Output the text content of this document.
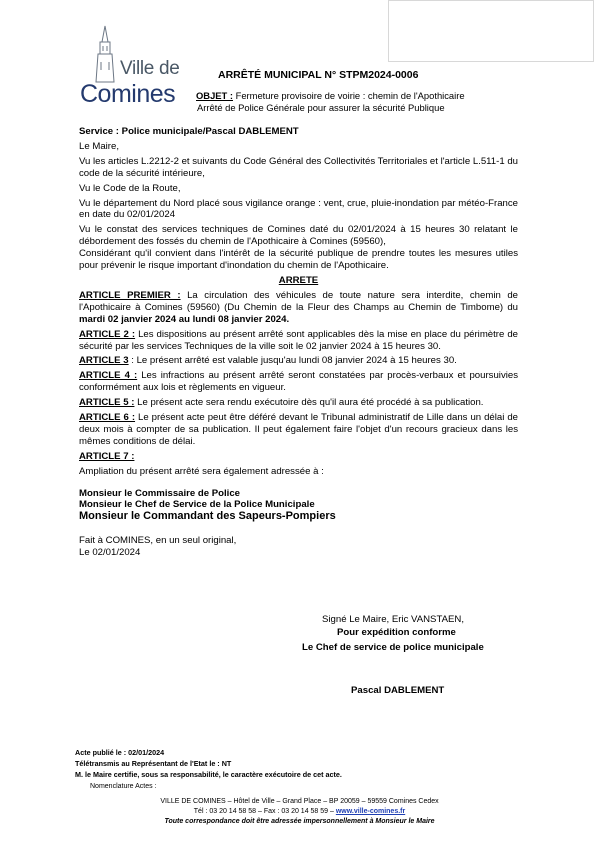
Ville de
Comines
ARRÊTÉ MUNICIPAL N° STPM2024-0006
OBJET : Fermeture provisoire de voirie : chemin de l'Apothicaire
Arrêté de Police Générale pour assurer la sécurité Publique

Service : Police municipale/Pascal DABLEMENT

Le Maire,

Vu les articles L.2212-2 et suivants du Code Général des Collectivités Territoriales et l'article L.511-1 du code de la sécurité intérieure,

Vu le Code de la Route,

Vu le département du Nord placé sous vigilance orange : vent, crue, pluie-inondation par météo-France en date du 02/01/2024

Vu le constat des services techniques de Comines daté du 02/01/2024 à 15 heures 30 relatant le débordement des fossés du chemin de l'Apothicaire à Comines (59560),

Considérant qu'il convient dans l'intérêt de la sécurité publique de prendre toutes les mesures utiles pour prévenir le risque important d'inondation du chemin de l'Apothicaire.

ARRETE

ARTICLE PREMIER : La circulation des véhicules de toute nature sera interdite, chemin de l'Apothicaire à Comines (59560) (Du Chemin de la Fleur des Champs au Chemin de Timbome) du mardi 02 janvier 2024 au lundi 08 janvier 2024.

ARTICLE 2 : Les dispositions au présent arrêté sont applicables dès la mise en place du périmètre de sécurité par les services Techniques de la ville soit le 02 janvier 2024 à 15 heures 30.

ARTICLE 3 : Le présent arrêté est valable jusqu'au lundi 08 janvier 2024 à 15 heures 30.

ARTICLE 4 : Les infractions au présent arrêté seront constatées par procès-verbaux et poursuivies conformément aux lois et règlements en vigueur.

ARTICLE 5 : Le présent acte sera rendu exécutoire dès qu'il aura été procédé à sa publication.

ARTICLE 6 : Le présent acte peut être déféré devant le Tribunal administratif de Lille dans un délai de deux mois à compter de sa publication. Il peut également faire l'objet d'un recours gracieux dans les mêmes conditions de délai.

ARTICLE 7 :

Ampliation du présent arrêté sera également adressée à :

Monsieur le Commissaire de Police

Monsieur le Chef de Service de la Police Municipale

Monsieur le Commandant des Sapeurs-Pompiers

Fait à COMINES, en un seul original,

Le 02/01/2024

Signé Le Maire, Eric VANSTAEN,
Pour expédition conforme
Le Chef de service de police municipale
Pascal DABLEMENT
Acte publié le : 02/01/2024
Télétransmis au Représentant de l'Etat le : NT
M. le Maire certifie, sous sa responsabilité, le caractère exécutoire de cet acte.
Nomenclature Actes :
VILLE DE COMINES – Hôtel de Ville – Grand Place – BP 20059 – 59559 Comines Cedex
Tél : 03 20 14 58 58 – Fax : 03 20 14 58 59 – www.ville-comines.fr
Toute correspondance doit être adressée impersonnellement à Monsieur le Maire
